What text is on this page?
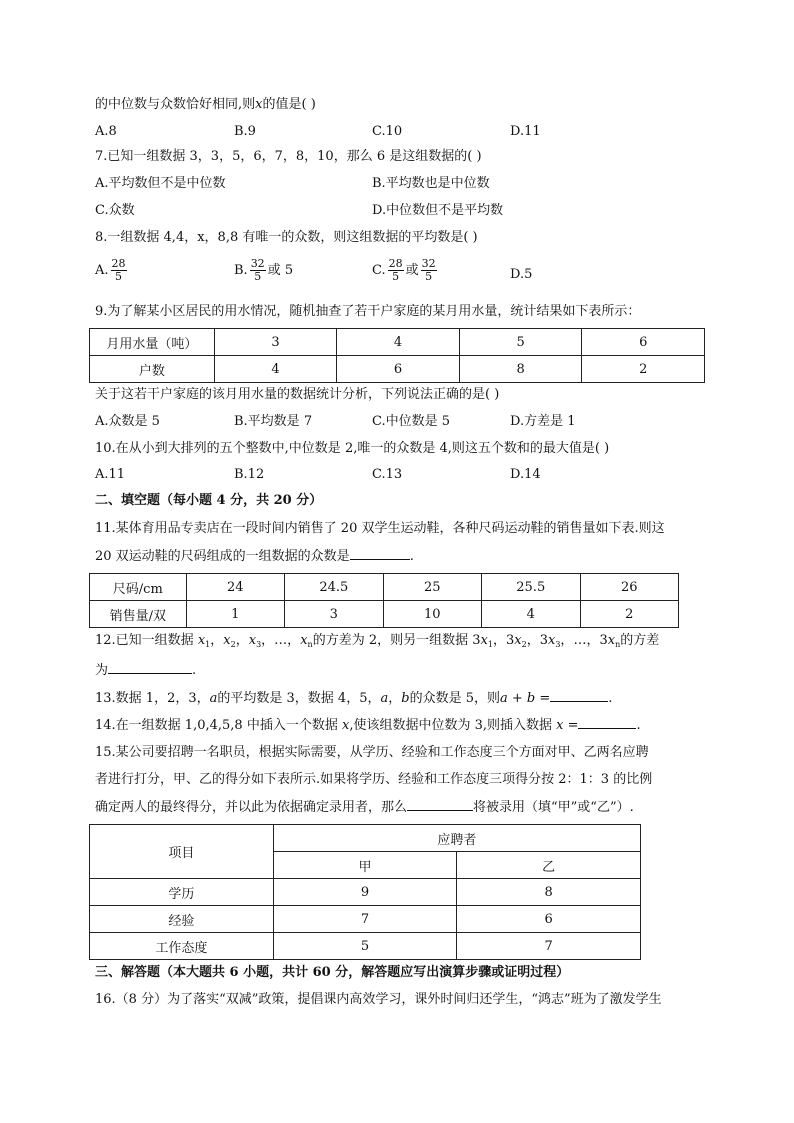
的中位数与众数恰好相同,则x的值是( )
A.8	B.9	C.10	D.11
7.已知一组数据 3，3，5，6，7，8，10，那么 6 是这组数据的( )
A.平均数但不是中位数	B.平均数也是中位数
C.众数	D.中位数但不是平均数
8.一组数据 4,4，x，8,8 有唯一的众数，则这组数据的平均数是( )
A. $\frac{28}{5}$	B. $\frac{32}{5}$ 或 5	C. $\frac{28}{5}$ 或 $\frac{32}{5}$	D.5
9.为了解某小区居民的用水情况，随机抽查了若干户家庭的某月用水量，统计结果如下表所示：
月用水量（吨）	3	4	5	6
户数	4	6	8	2
关于这若干户家庭的该月用水量的数据统计分析，下列说法正确的是( )
A.众数是 5	B.平均数是 7	C.中位数是 5	D.方差是 1
10.在从小到大排列的五个整数中,中位数是 2,唯一的众数是 4,则这五个数和的最大值是( )
A.11	B.12	C.13	D.14
二、填空题（每小题 4 分，共 20 分）
11.某体育用品专卖店在一段时间内销售了 20 双学生运动鞋，各种尺码运动鞋的销售量如下表.则这
20 双运动鞋的尺码组成的一组数据的众数是	.
尺码/cm	24	24.5	25	25.5	26
销售量/双	1	3	10	4	2
12.已知一组数据 $x_1$，$x_2$，$x_3$，…，$x_n$的方差为 2，则另一组数据 $3x_1$，$3x_2$，$3x_3$，…，$3x_n$的方差
为	.
13.数据 1，2，3，a的平均数是 3，数据 4，5，a，b的众数是 5，则a + b =	.
14.在一组数据 1,0,4,5,8 中插入一个数据 x,使该组数据中位数为 3,则插入数据 x =	.
15.某公司要招聘一名职员，根据实际需要，从学历、经验和工作态度三个方面对甲、乙两名应聘
者进行打分，甲、乙的得分如下表所示.如果将学历、经验和工作态度三项得分按 2：1：3 的比例
确定两人的最终得分，并以此为依据确定录用者，那么	将被录用（填“甲”或“乙”）.
项目	应聘者	
	甲	乙
学历	9	8
经验	7	6
工作态度	5	7
三、解答题（本大题共 6 小题，共计 60 分，解答题应写出演算步骤或证明过程）
16.（8 分）为了落实“双减”政策，提倡课内高效学习，课外时间归还学生，“鸿志”班为了激发学生
